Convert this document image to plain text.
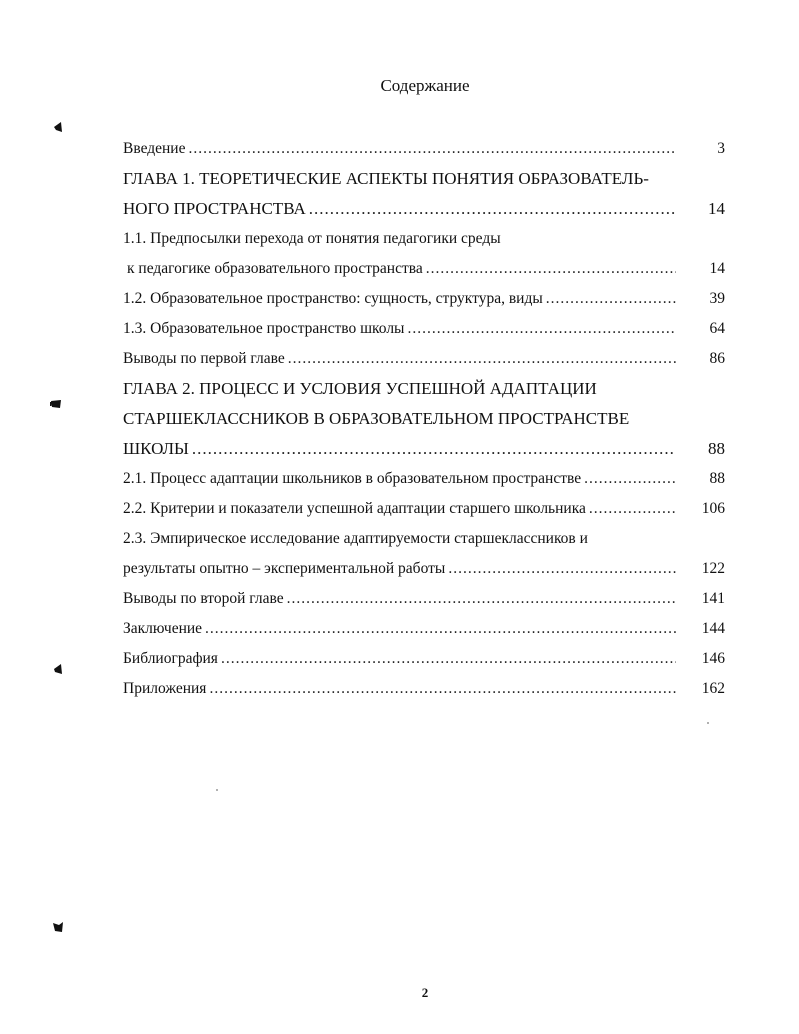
Содержание
Введение .....	3
ГЛАВА 1. ТЕОРЕТИЧЕСКИЕ АСПЕКТЫ ПОНЯТИЯ ОБРАЗОВАТЕЛЬ-
НОГО ПРОСТРАНСТВА .....	14
1.1. Предпосылки перехода от понятия педагогики среды
к педагогике образовательного пространства .....	14
1.2. Образовательное пространство: сущность, структура, виды .....	39
1.3. Образовательное пространство школы .....	64
Выводы по первой главе .....	86
ГЛАВА 2. ПРОЦЕСС И УСЛОВИЯ УСПЕШНОЙ АДАПТАЦИИ
СТАРШЕКЛАССНИКОВ В ОБРАЗОВАТЕЛЬНОМ ПРОСТРАНСТВЕ
ШКОЛЫ .....	88
2.1. Процесс адаптации школьников в образовательном пространстве .....	88
2.2. Критерии и показатели успешной адаптации старшего школьника .....	106
2.3. Эмпирическое исследование адаптируемости старшеклассников и
результаты опытно – экспериментальной работы .....	122
Выводы по второй главе .....	141
Заключение .....	144
Библиография .....	146
Приложения .....	162
2
